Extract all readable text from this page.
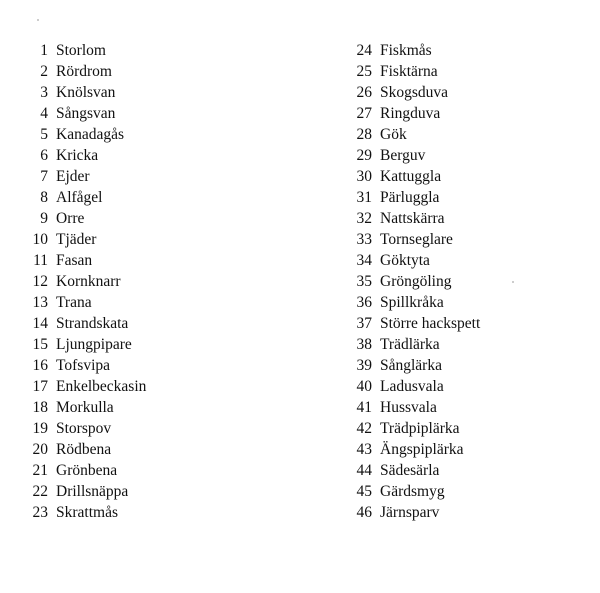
1 Storlom
2 Rördrom
3 Knölsvan
4 Sångsvan
5 Kanadagås
6 Kricka
7 Ejder
8 Alfågel
9 Orre
10 Tjäder
11 Fasan
12 Kornknarr
13 Trana
14 Strandskata
15 Ljungpipare
16 Tofsvipa
17 Enkelbeckasin
18 Morkulla
19 Storspov
20 Rödbena
21 Grönbena
22 Drillsnäppa
23 Skrattmås
24 Fiskmås
25 Fisktärna
26 Skogsduva
27 Ringduva
28 Gök
29 Berguv
30 Kattuggla
31 Pärluggla
32 Nattskärra
33 Tornseglare
34 Göktyta
35 Gröngöling
36 Spillkråka
37 Större hackspett
38 Trädlärka
39 Sånglärka
40 Ladusvala
41 Hussvala
42 Trädpiplärka
43 Ängspiplärka
44 Sädesärla
45 Gärdsmyg
46 Järnsparv
